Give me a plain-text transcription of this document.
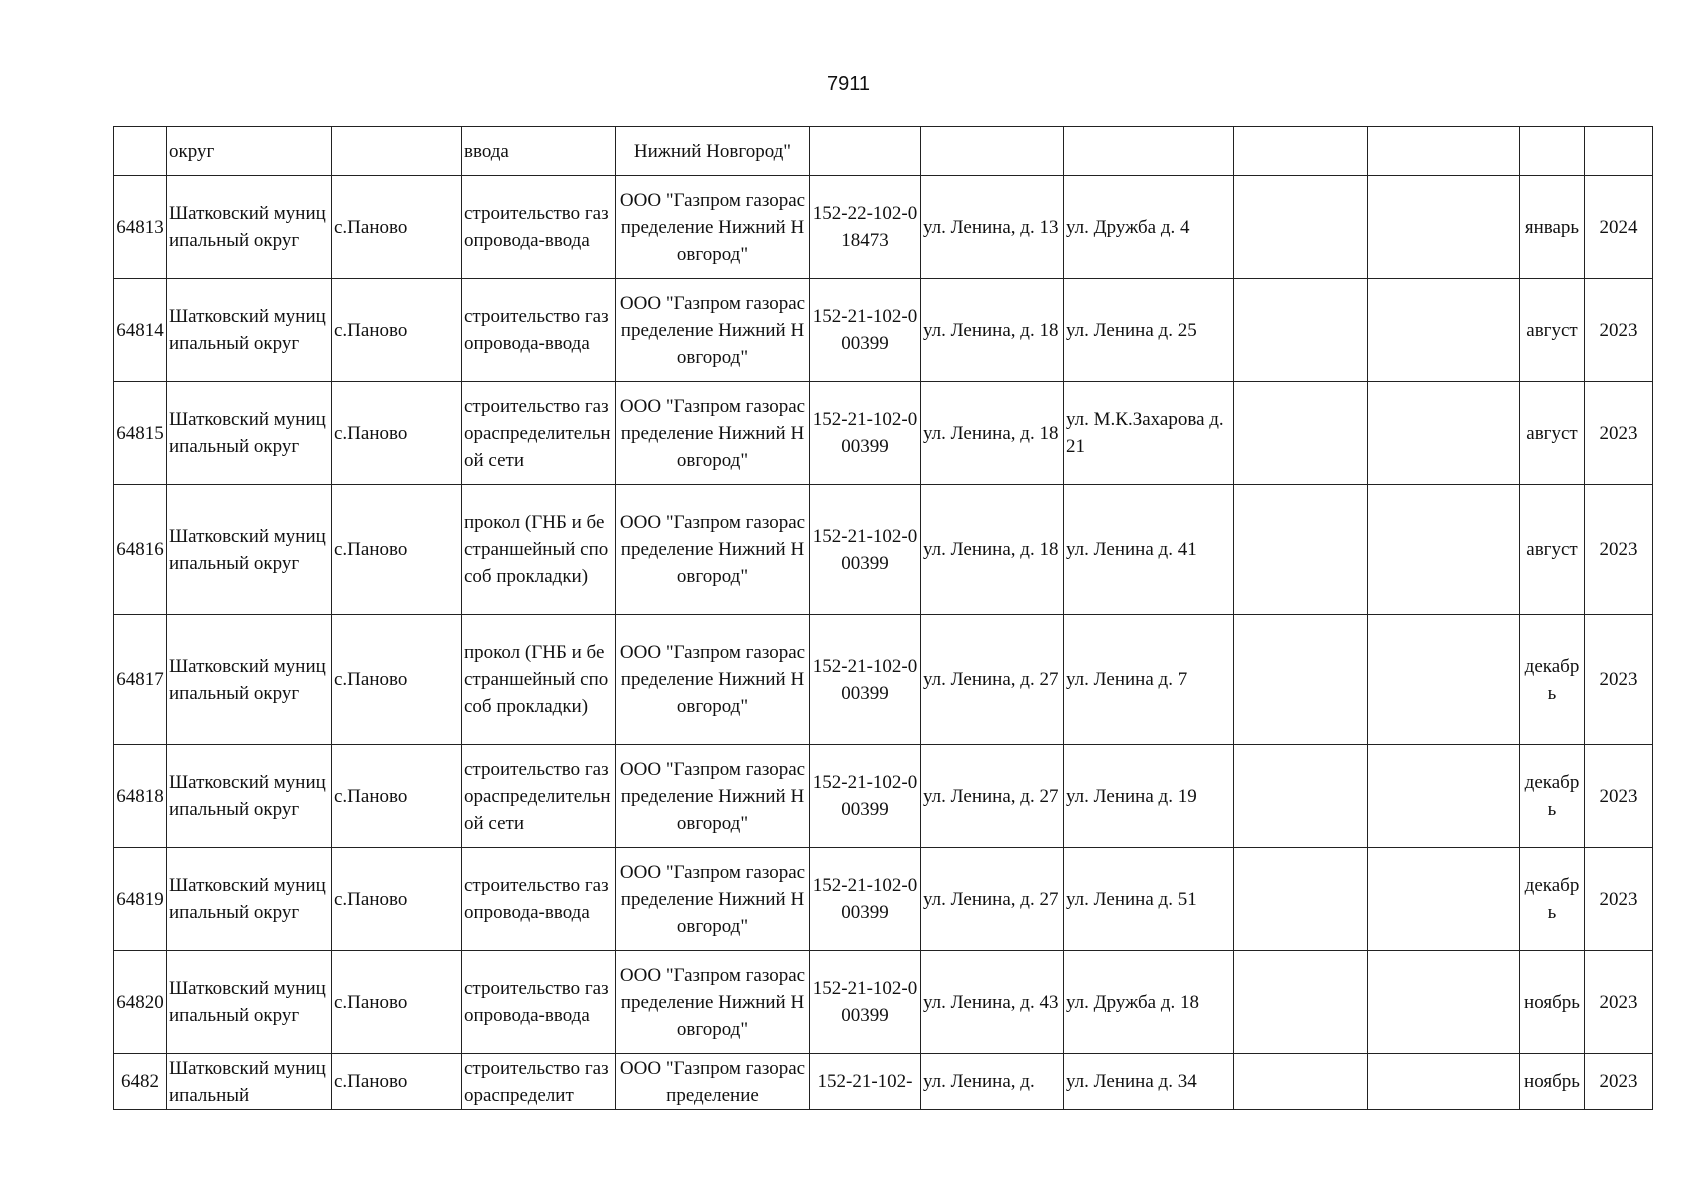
7911
	округ		ввода	Нижний Новгород"							
64813	Шатковский муниципальный округ	с.Паново	строительство газопровода-ввода	ООО "Газпром газораспределение Нижний Новгород"	152-22-102-018473	ул. Ленина, д. 13	ул. Дружба д. 4			январь	2024
64814	Шатковский муниципальный округ	с.Паново	строительство газопровода-ввода	ООО "Газпром газораспределение Нижний Новгород"	152-21-102-000399	ул. Ленина, д. 18	ул. Ленина д. 25			август	2023
64815	Шатковский муниципальный округ	с.Паново	строительство газораспределительной сети	ООО "Газпром газораспределение Нижний Новгород"	152-21-102-000399	ул. Ленина, д. 18	ул. М.К.Захарова д. 21			август	2023
64816	Шатковский муниципальный округ	с.Паново	прокол (ГНБ и бестраншейный способ прокладки)	ООО "Газпром газораспределение Нижний Новгород"	152-21-102-000399	ул. Ленина, д. 18	ул. Ленина д. 41			август	2023
64817	Шатковский муниципальный округ	с.Паново	прокол (ГНБ и бестраншейный способ прокладки)	ООО "Газпром газораспределение Нижний Новгород"	152-21-102-000399	ул. Ленина, д. 27	ул. Ленина д. 7			декабрь	2023
64818	Шатковский муниципальный округ	с.Паново	строительство газораспределительной сети	ООО "Газпром газораспределение Нижний Новгород"	152-21-102-000399	ул. Ленина, д. 27	ул. Ленина д. 19			декабрь	2023
64819	Шатковский муниципальный округ	с.Паново	строительство газопровода-ввода	ООО "Газпром газораспределение Нижний Новгород"	152-21-102-000399	ул. Ленина, д. 27	ул. Ленина д. 51			декабрь	2023
64820	Шатковский муниципальный округ	с.Паново	строительство газопровода-ввода	ООО "Газпром газораспределение Нижний Новгород"	152-21-102-000399	ул. Ленина, д. 43	ул. Дружба д. 18			ноябрь	2023
6482	Шатковский муниципальный	с.Паново	строительство газораспределит	ООО "Газпром газораспределение	152-21-102-	ул. Ленина, д.	ул. Ленина д. 34			ноябрь	2023
